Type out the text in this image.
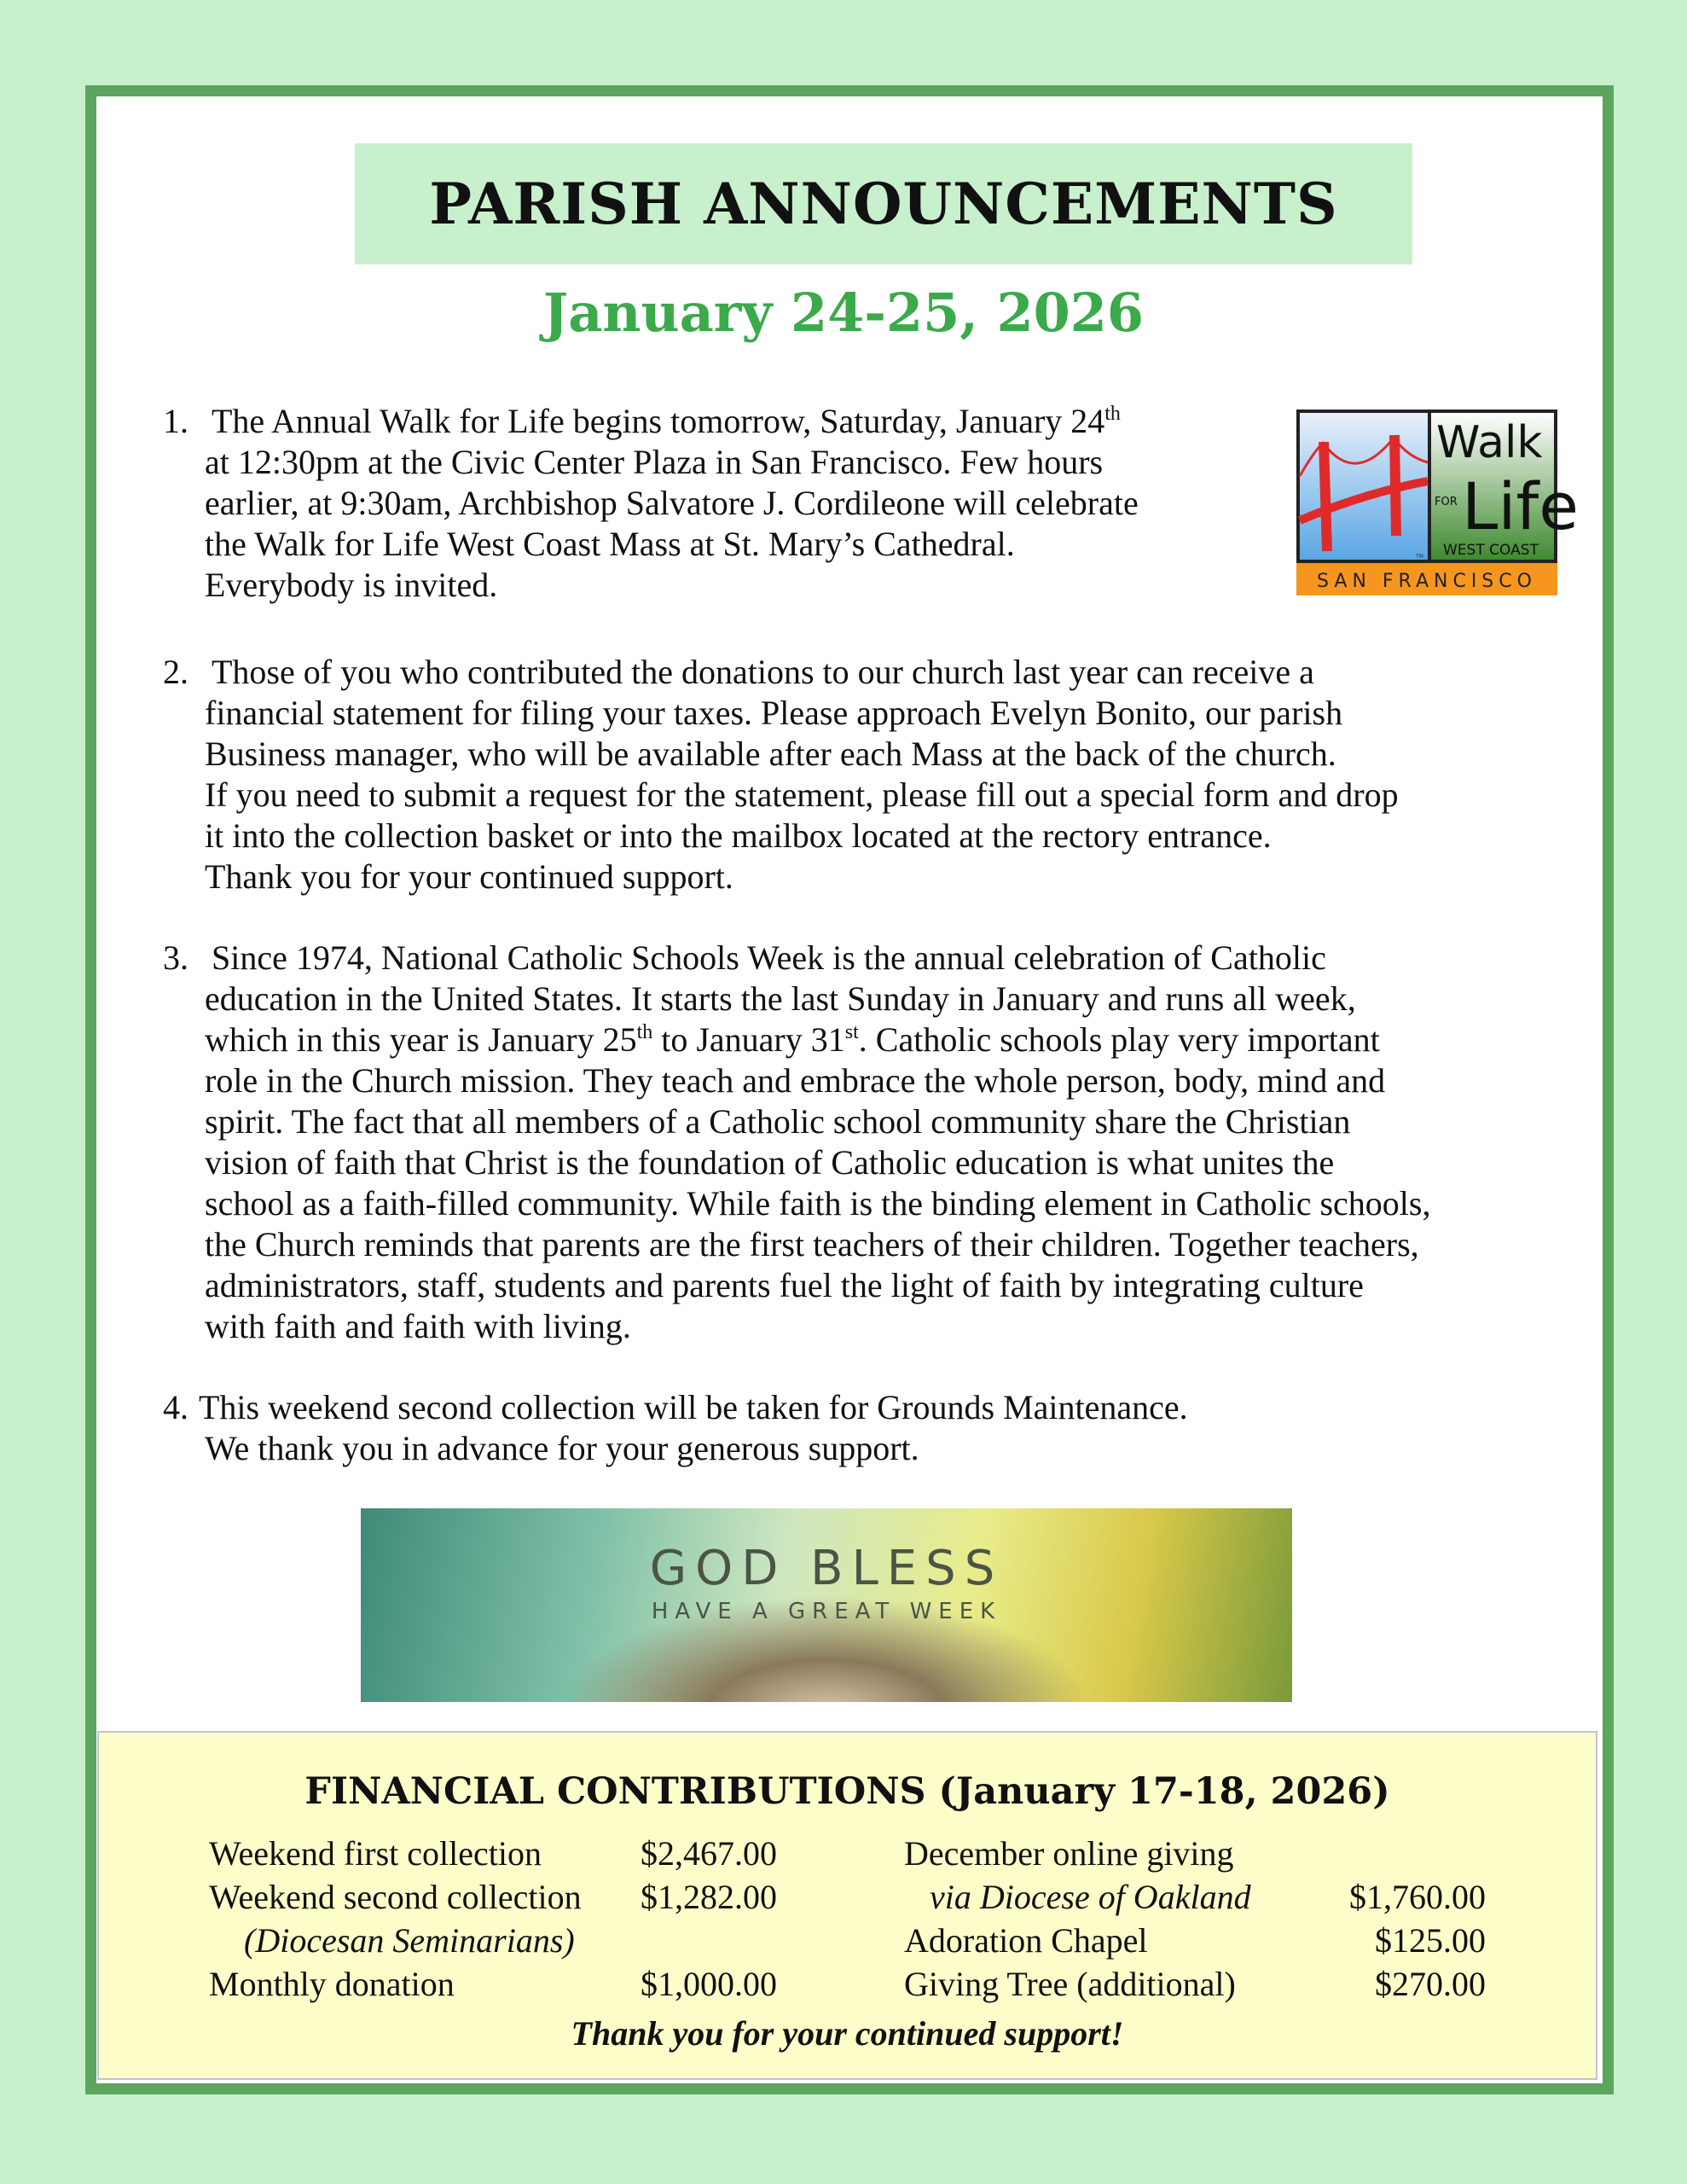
PARISH ANNOUNCEMENTS
January 24-25, 2026
1. The Annual Walk for Life begins tomorrow, Saturday, January 24th
at 12:30pm at the Civic Center Plaza in San Francisco. Few hours
earlier, at 9:30am, Archbishop Salvatore J. Cordileone will celebrate
the Walk for Life West Coast Mass at St. Mary’s Cathedral.
Everybody is invited.
2. Those of you who contributed the donations to our church last year can receive a
financial statement for filing your taxes. Please approach Evelyn Bonito, our parish
Business manager, who will be available after each Mass at the back of the church.
If you need to submit a request for the statement, please fill out a special form and drop
it into the collection basket or into the mailbox located at the rectory entrance.
Thank you for your continued support.
3. Since 1974, National Catholic Schools Week is the annual celebration of Catholic
education in the United States. It starts the last Sunday in January and runs all week,
which in this year is January 25th to January 31st. Catholic schools play very important
role in the Church mission. They teach and embrace the whole person, body, mind and
spirit. The fact that all members of a Catholic school community share the Christian
vision of faith that Christ is the foundation of Catholic education is what unites the
school as a faith-filled community. While faith is the binding element in Catholic schools,
the Church reminds that parents are the first teachers of their children. Together teachers,
administrators, staff, students and parents fuel the light of faith by integrating culture
with faith and faith with living.
4. This weekend second collection will be taken for Grounds Maintenance.
We thank you in advance for your generous support.
TM
Walk
FOR Life
WEST COAST
SAN FRANCISCO
GOD BLESS
HAVE A GREAT WEEK
FINANCIAL CONTRIBUTIONS (January 17-18, 2026)
Weekend first collection	$2,467.00
Weekend second collection $1,282.00
(Diocesan Seminarians)
Monthly donation	$1,000.00
December online giving
via Diocese of Oakland	$1,760.00
Adoration Chapel	$125.00
Giving Tree (additional)	$270.00
Thank you for your continued support!
